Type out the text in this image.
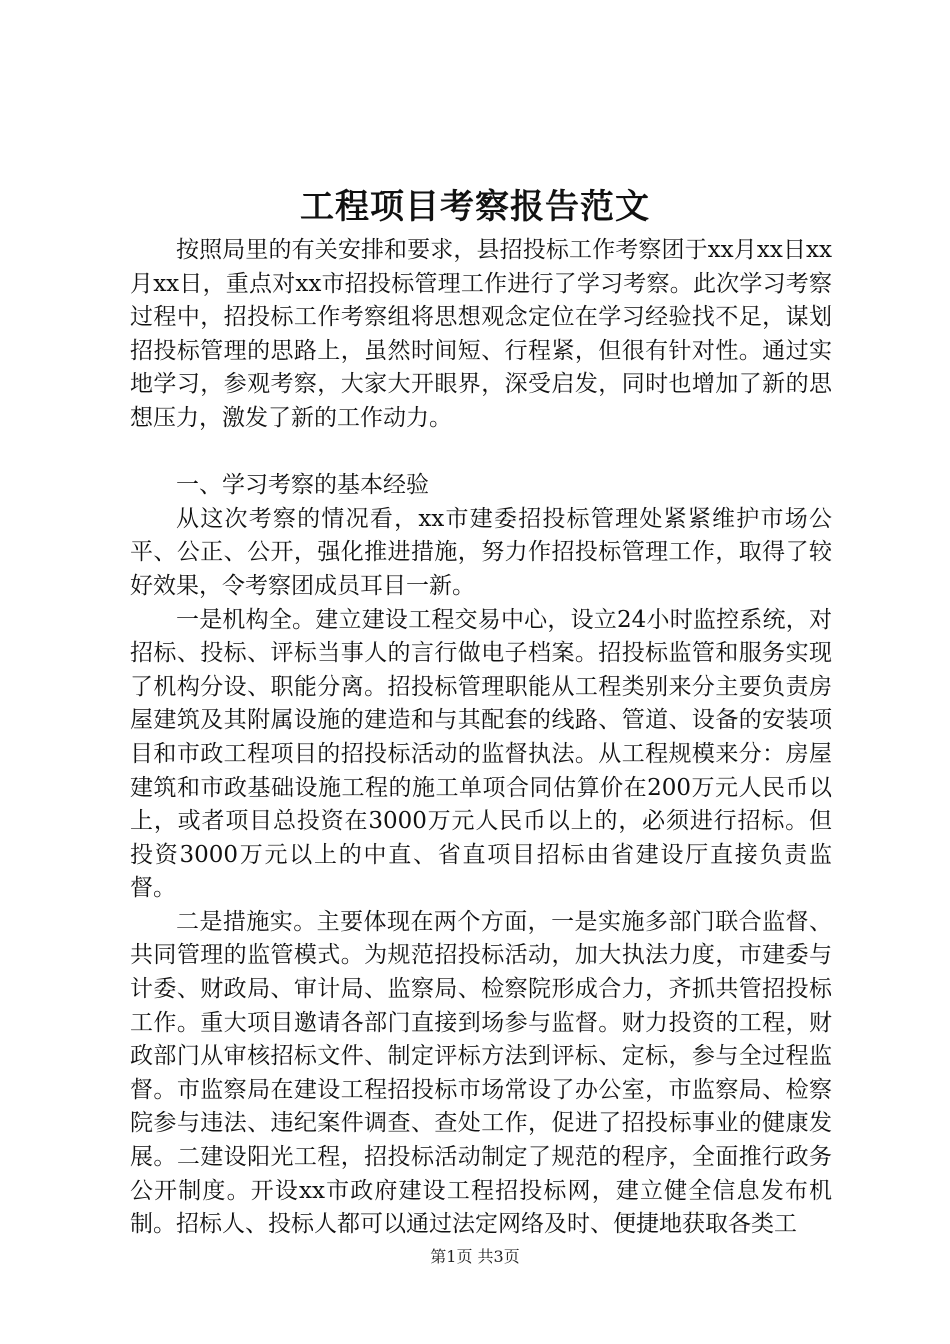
工程项目考察报告范文

按照局里的有关安排和要求，县招投标工作考察团于xx月xx日xx月xx日，重点对xx市招投标管理工作进行了学习考察。此次学习考察过程中，招投标工作考察组将思想观念定位在学习经验找不足，谋划招投标管理的思路上，虽然时间短、行程紧，但很有针对性。通过实地学习，参观考察，大家大开眼界，深受启发，同时也增加了新的思想压力，激发了新的工作动力。

一、学习考察的基本经验

从这次考察的情况看，xx市建委招投标管理处紧紧维护市场公平、公正、公开，强化推进措施，努力作招投标管理工作，取得了较好效果，令考察团成员耳目一新。

一是机构全。建立建设工程交易中心，设立24小时监控系统，对招标、投标、评标当事人的言行做电子档案。招投标监管和服务实现了机构分设、职能分离。招投标管理职能从工程类别来分主要负责房屋建筑及其附属设施的建造和与其配套的线路、管道、设备的安装项目和市政工程项目的招投标活动的监督执法。从工程规模来分：房屋建筑和市政基础设施工程的施工单项合同估算价在200万元人民币以上，或者项目总投资在3000万元人民币以上的，必须进行招标。但投资3000万元以上的中直、省直项目招标由省建设厅直接负责监督。

二是措施实。主要体现在两个方面，一是实施多部门联合监督、共同管理的监管模式。为规范招投标活动，加大执法力度，市建委与计委、财政局、审计局、监察局、检察院形成合力，齐抓共管招投标工作。重大项目邀请各部门直接到场参与监督。财力投资的工程，财政部门从审核招标文件、制定评标方法到评标、定标，参与全过程监督。市监察局在建设工程招投标市场常设了办公室，市监察局、检察院参与违法、违纪案件调查、查处工作，促进了招投标事业的健康发展。二建设阳光工程，招投标活动制定了规范的程序，全面推行政务公开制度。开设xx市政府建设工程招投标网，建立健全信息发布机制。招标人、投标人都可以通过法定网络及时、便捷地获取各类工

第1页 共3页
